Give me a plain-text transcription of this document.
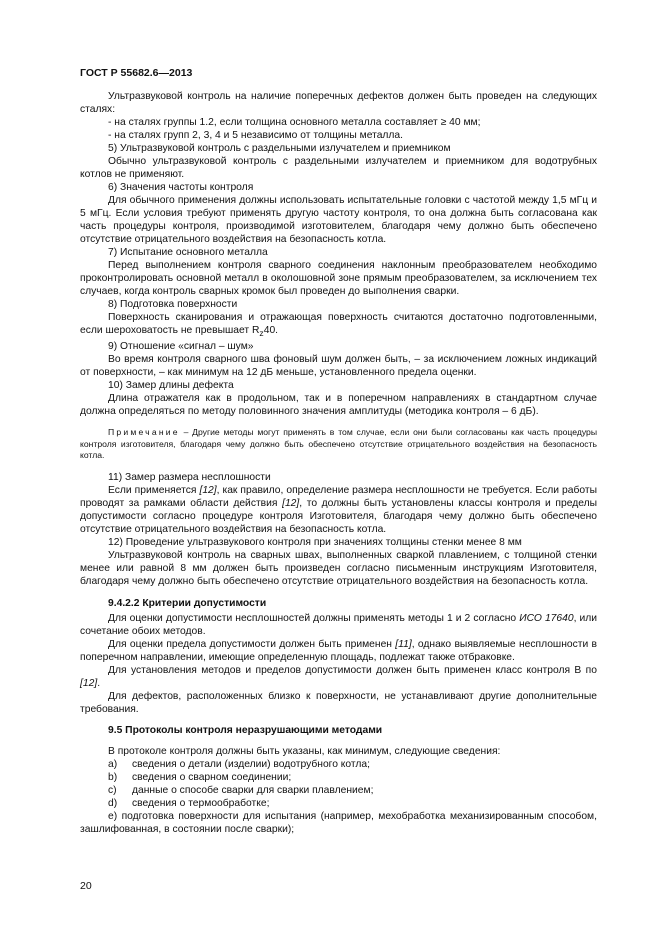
ГОСТ Р 55682.6—2013

Ультразвуковой контроль на наличие поперечных дефектов должен быть проведен на следующих сталях:

- на сталях группы 1.2, если толщина основного металла составляет ≥ 40 мм;

- на сталях групп 2, 3, 4 и 5 независимо от толщины металла.

5) Ультразвуковой контроль с раздельными излучателем и приемником

Обычно ультразвуковой контроль с раздельными излучателем и приемником для водотрубных котлов не применяют.

6) Значения частоты контроля

Для обычного применения должны использовать испытательные головки с частотой между 1,5 мГц и 5 мГц. Если условия требуют применять другую частоту контроля, то она должна быть согласована как часть процедуры контроля, производимой изготовителем, благодаря чему должно быть обеспечено отсутствие отрицательного воздействия на безопасность котла.

7) Испытание основного металла

Перед выполнением контроля сварного соединения наклонным преобразователем необходимо проконтролировать основной металл в околошовной зоне прямым преобразователем, за исключением тех случаев, когда контроль сварных кромок был проведен до выполнения сварки.

8) Подготовка поверхности

Поверхность сканирования и отражающая поверхность считаются достаточно подготовленными, если шероховатость не превышает $R_z40$.

9) Отношение «сигнал – шум»

Во время контроля сварного шва фоновый шум должен быть, – за исключением ложных индикаций от поверхности, – как минимум на 12 дБ меньше, установленного предела оценки.

10) Замер длины дефекта

Длина отражателя как в продольном, так и в поперечном направлениях в стандартном случае должна определяться по методу половинного значения амплитуды (методика контроля – 6 дБ).

Примечание – Другие методы могут применять в том случае, если они были согласованы как часть процедуры контроля изготовителя, благодаря чему должно быть обеспечено отсутствие отрицательного воздействия на безопасность котла.

11) Замер размера несплошности

Если применяется [12], как правило, определение размера несплошности не требуется. Если работы проводят за рамками области действия [12], то должны быть установлены классы контроля и пределы допустимости согласно процедуре контроля Изготовителя, благодаря чему должно быть обеспечено отсутствие отрицательного воздействия на безопасность котла.

12) Проведение ультразвукового контроля при значениях толщины стенки менее 8 мм

Ультразвуковой контроль на сварных швах, выполненных сваркой плавлением, с толщиной стенки менее или равной 8 мм должен быть произведен согласно письменным инструкциям Изготовителя, благодаря чему должно быть обеспечено отсутствие отрицательного воздействия на безопасность котла.

9.4.2.2 Критерии допустимости

Для оценки допустимости несплошностей должны применять методы 1 и 2 согласно ИСО 17640, или сочетание обоих методов.

Для оценки предела допустимости должен быть применен [11], однако выявляемые несплошности в поперечном направлении, имеющие определенную площадь, подлежат также отбраковке.

Для установления методов и пределов допустимости должен быть применен класс контроля В по [12].

Для дефектов, расположенных близко к поверхности, не устанавливают другие дополнительные требования.

9.5 Протоколы контроля неразрушающими методами

В протоколе контроля должны быть указаны, как минимум, следующие сведения:

а) сведения о детали (изделии) водотрубного котла;

b) сведения о сварном соединении;

c) данные о способе сварки для сварки плавлением;

d) сведения о термообработке;

е) подготовка поверхности для испытания (например, мехобработка механизированным способом, зашлифованная, в состоянии после сварки);

20
